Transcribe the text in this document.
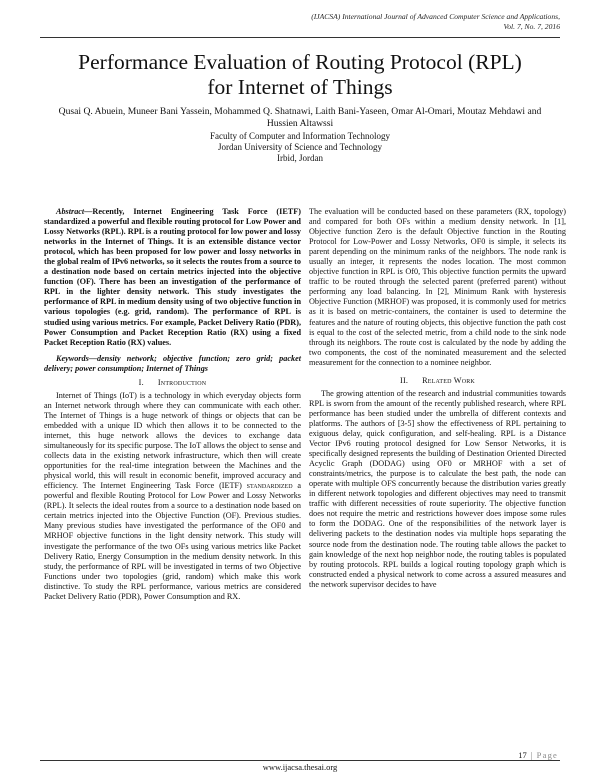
(IJACSA) International Journal of Advanced Computer Science and Applications,
Vol. 7, No. 7, 2016
Performance Evaluation of Routing Protocol (RPL)
for Internet of Things
Qusai Q. Abuein, Muneer Bani Yassein, Mohammed Q. Shatnawi, Laith Bani-Yaseen, Omar Al-Omari, Moutaz Mehdawi and Hussien Altawssi
Faculty of Computer and Information Technology
Jordan University of Science and Technology
Irbid, Jordan

Abstract—Recently, Internet Engineering Task Force (IETF) standardized a powerful and flexible routing protocol for Low Power and Lossy Networks (RPL). RPL is a routing protocol for low power and lossy networks in the Internet of Things. It is an extensible distance vector protocol, which has been proposed for low power and lossy networks in the global realm of IPv6 networks, so it selects the routes from a source to a destination node based on certain metrics injected into the objective function (OF). There has been an investigation of the performance of RPL in the lighter density network. This study investigates the performance of RPL in medium density using of two objective function in various topologies (e.g. grid, random). The performance of RPL is studied using various metrics. For example, Packet Delivery Ratio (PDR), Power Consumption and Packet Reception Ratio (RX) using a fixed Packet Reception Ratio (RX) values.

Keywords—density network; objective function; zero grid; packet delivery; power consumption; Internet of Things

I. Introduction

Internet of Things (IoT) is a technology in which everyday objects form an Internet network through where they can communicate with each other. The Internet of Things is a huge network of things or objects that can be embedded with a unique ID which then allows it to be connected to the internet, this huge network allows the devices to exchange data simultaneously for its specific purpose. The IoT allows the object to sense and collects data in the existing network infrastructure, which then will create opportunities for the real-time integration between the Machines and the physical world, this will result in economic benefit, improved accuracy and efficiency. The Internet Engineering Task Force (IETF) standardized a powerful and flexible Routing Protocol for Low Power and Lossy Networks (RPL). It selects the ideal routes from a source to a destination node based on certain metrics injected into the Objective Function (OF). Previous studies. Many previous studies have investigated the performance of the OF0 and MRHOF objective functions in the light density network. This study will investigate the performance of the two OFs using various metrics like Packet Delivery Ratio, Energy Consumption in the medium density network. In this study, the performance of RPL will be investigated in terms of two Objective Functions under two topologies (grid, random) which make this work distinctive. To study the RPL performance, various metrics are considered Packet Delivery Ratio (PDR), Power Consumption and RX.

The evaluation will be conducted based on these parameters (RX, topology) and compared for both OFs within a medium density network. In [1], Objective function Zero is the default Objective function in the Routing Protocol for Low-Power and Lossy Networks, OF0 is simple, it selects its parent depending on the minimum ranks of the neighbors. The node rank is usually an integer, it represents the nodes location. The most common objective function in RPL is Of0, This objective function permits the upward traffic to be routed through the selected parent (preferred parent) without performing any load balancing. In [2], Minimum Rank with hysteresis Objective Function (MRHOF) was proposed, it is commonly used for metrics as it is based on metric-containers, the container is used to determine the features and the nature of routing objects, this objective function the path cost is equal to the cost of the selected metric, from a child node to the sink node through its neighbors. The route cost is calculated by the node by adding the two components, the cost of the nominated measurement and the selected measurement for the connection to a nominee neighbor.

II. Related Work

The growing attention of the research and industrial communities towards RPL is sworn from the amount of the recently published research, where RPL performance has been studied under the umbrella of different contexts and platforms. The authors of [3-5] show the effectiveness of RPL pertaining to exiguous delay, quick configuration, and self-healing. RPL is a Distance Vector IPv6 routing protocol designed for Low Sensor Networks, it is specifically designed represents the building of Destination Oriented Directed Acyclic Graph (DODAG) using OF0 or MRHOF with a set of constraints/metrics, the purpose is to calculate the best path, the node can operate with multiple OFS concurrently because the distribution varies greatly in different network topologies and different objectives may need to transmit traffic with different necessities of route superiority. The objective function does not require the metric and restrictions however does impose some rules to form the DODAG. One of the responsibilities of the network layer is delivering packets to the destination nodes via multiple hops separating the source node from the destination node. The routing table allows the packet to gain knowledge of the next hop neighbor node, the routing tables is populated by routing protocols. RPL builds a logical routing topology graph which is constructed ended a physical network to come across a assured measures and the network supervisor decides to have

17 | Page
www.ijacsa.thesai.org
